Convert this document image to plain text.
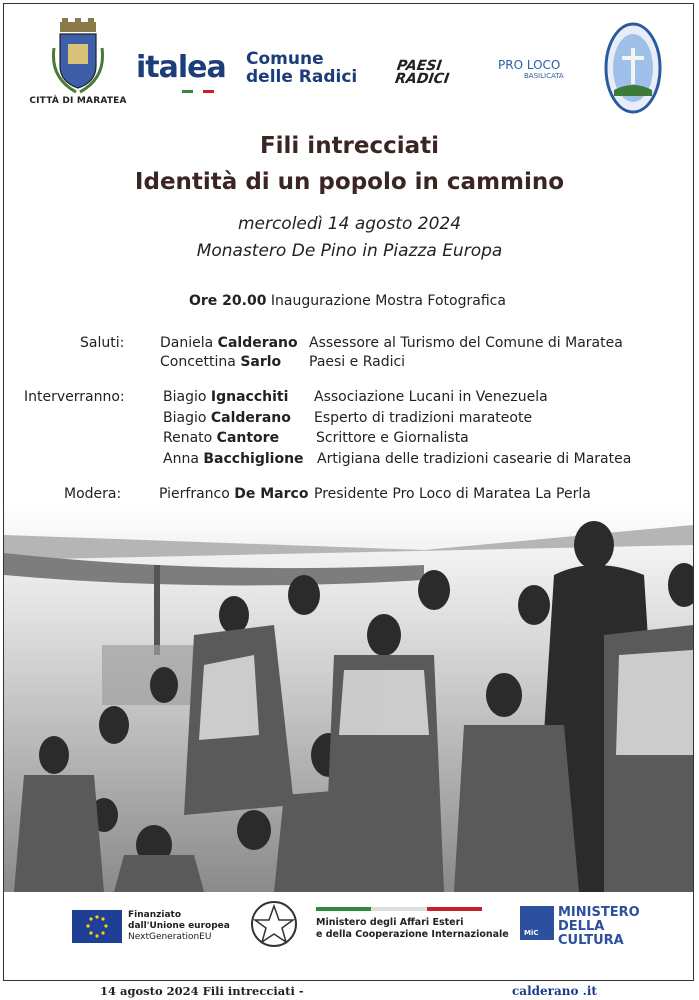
CITTÀ DI MARATEA
italea Comune
delle Radici
PAESI
RADICI
PRO LOCO
BASILICATA
Fili intrecciati
Identità di un popolo in cammino
mercoledì 14 agosto 2024
Monastero De Pino in Piazza Europa
Ore 20.00 Inaugurazione Mostra Fotografica
Saluti:	Daniela Calderano Assessore al Turismo del Comune di Maratea
Concettina Sarlo Paesi e Radici
Interverranno:	Biagio Ignacchiti Associazione Lucani in Venezuela
Biagio Calderano Esperto di tradizioni marateote
Renato Cantore	Scrittore e Giornalista
Anna Bacchiglione Artigiana delle tradizioni casearie di Maratea
Modera:	Pierfranco De Marco Presidente Pro Loco di Maratea La Perla
Finanziato
dall'Unione europea
NextGenerationEU
Ministero degli Affari Esteri
e della Cooperazione Internazionale MiC
MINISTERO
DELLA
CULTURA
14 agosto 2024 Fili intrecciati -	calderano .it
